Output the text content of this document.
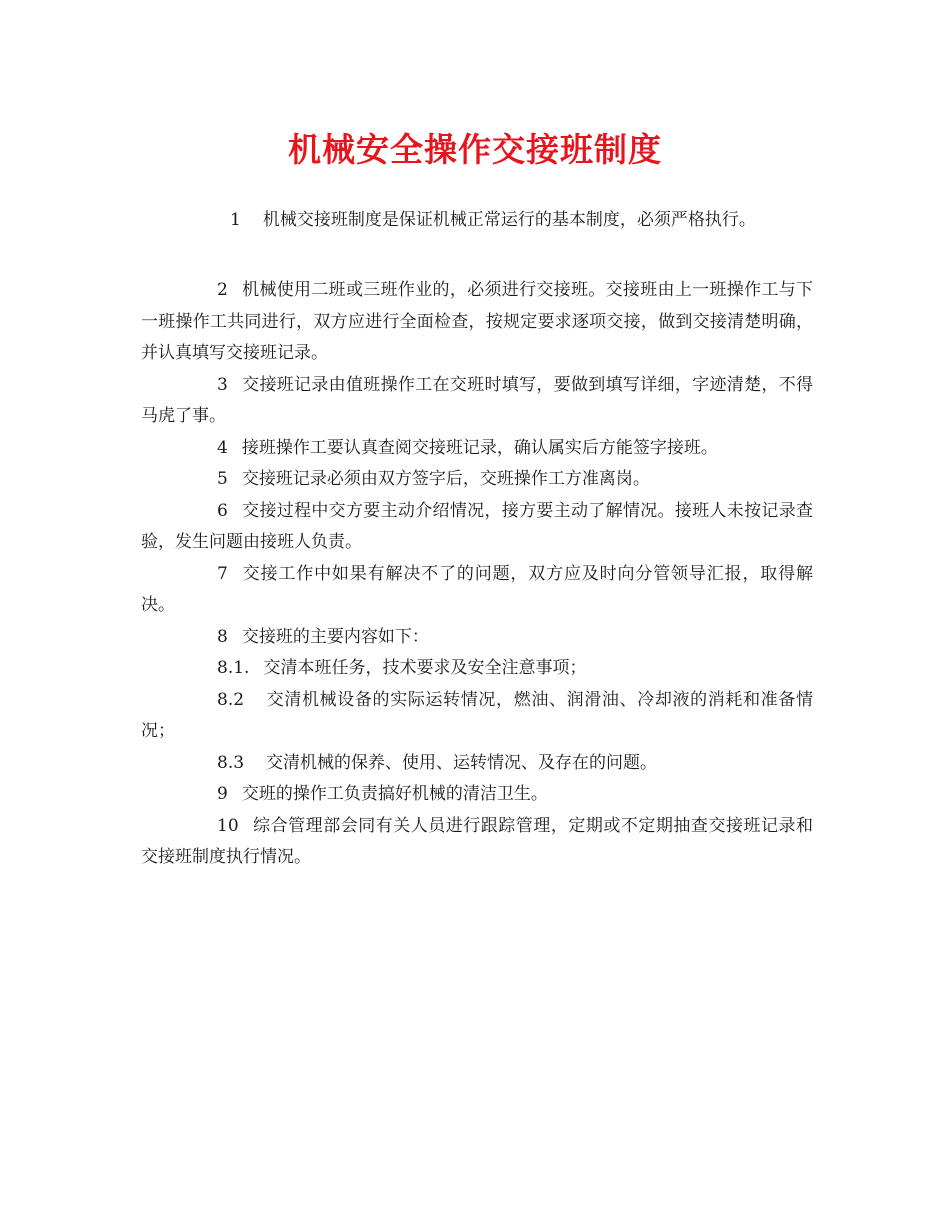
机械安全操作交接班制度

1 机械交接班制度是保证机械正常运行的基本制度，必须严格执行。

2 机械使用二班或三班作业的，必须进行交接班。交接班由上一班操作工与下一班操作工共同进行，双方应进行全面检查，按规定要求逐项交接，做到交接清楚明确，并认真填写交接班记录。

3 交接班记录由值班操作工在交班时填写，要做到填写详细，字迹清楚，不得马虎了事。

4 接班操作工要认真查阅交接班记录，确认属实后方能签字接班。

5 交接班记录必须由双方签字后，交班操作工方准离岗。

6 交接过程中交方要主动介绍情况，接方要主动了解情况。接班人未按记录查验，发生问题由接班人负责。

7 交接工作中如果有解决不了的问题，双方应及时向分管领导汇报，取得解决。

8 交接班的主要内容如下：

8.1. 交清本班任务，技术要求及安全注意事项；

8.2 交清机械设备的实际运转情况，燃油、润滑油、冷却液的消耗和准备情况；

8.3 交清机械的保养、使用、运转情况、及存在的问题。

9 交班的操作工负责搞好机械的清洁卫生。

10 综合管理部会同有关人员进行跟踪管理，定期或不定期抽查交接班记录和交接班制度执行情况。
